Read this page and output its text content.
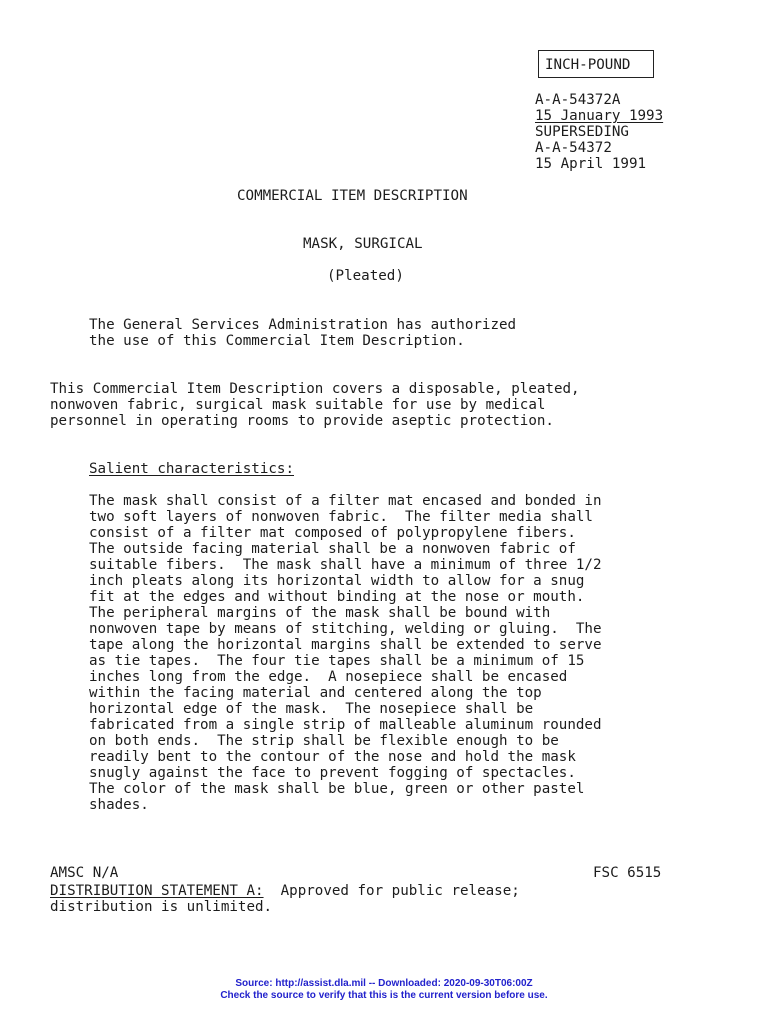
INCH-POUND
A-A-54372A
15 January 1993
SUPERSEDING
A-A-54372
15 April 1991
COMMERCIAL ITEM DESCRIPTION
MASK, SURGICAL
(Pleated)
The General Services Administration has authorized
the use of this Commercial Item Description.
This Commercial Item Description covers a disposable, pleated,
nonwoven fabric, surgical mask suitable for use by medical
personnel in operating rooms to provide aseptic protection.
Salient characteristics:
The mask shall consist of a filter mat encased and bonded in
two soft layers of nonwoven fabric.  The filter media shall
consist of a filter mat composed of polypropylene fibers.
The outside facing material shall be a nonwoven fabric of
suitable fibers.  The mask shall have a minimum of three 1/2
inch pleats along its horizontal width to allow for a snug
fit at the edges and without binding at the nose or mouth.
The peripheral margins of the mask shall be bound with
nonwoven tape by means of stitching, welding or gluing.  The
tape along the horizontal margins shall be extended to serve
as tie tapes.  The four tie tapes shall be a minimum of 15
inches long from the edge.  A nosepiece shall be encased
within the facing material and centered along the top
horizontal edge of the mask.  The nosepiece shall be
fabricated from a single strip of malleable aluminum rounded
on both ends.  The strip shall be flexible enough to be
readily bent to the contour of the nose and hold the mask
snugly against the face to prevent fogging of spectacles.
The color of the mask shall be blue, green or other pastel
shades.
AMSC N/A	FSC 6515
DISTRIBUTION STATEMENT A:  Approved for public release;
distribution is unlimited.
Source: http://assist.dla.mil -- Downloaded: 2020-09-30T06:00Z
Check the source to verify that this is the current version before use.
